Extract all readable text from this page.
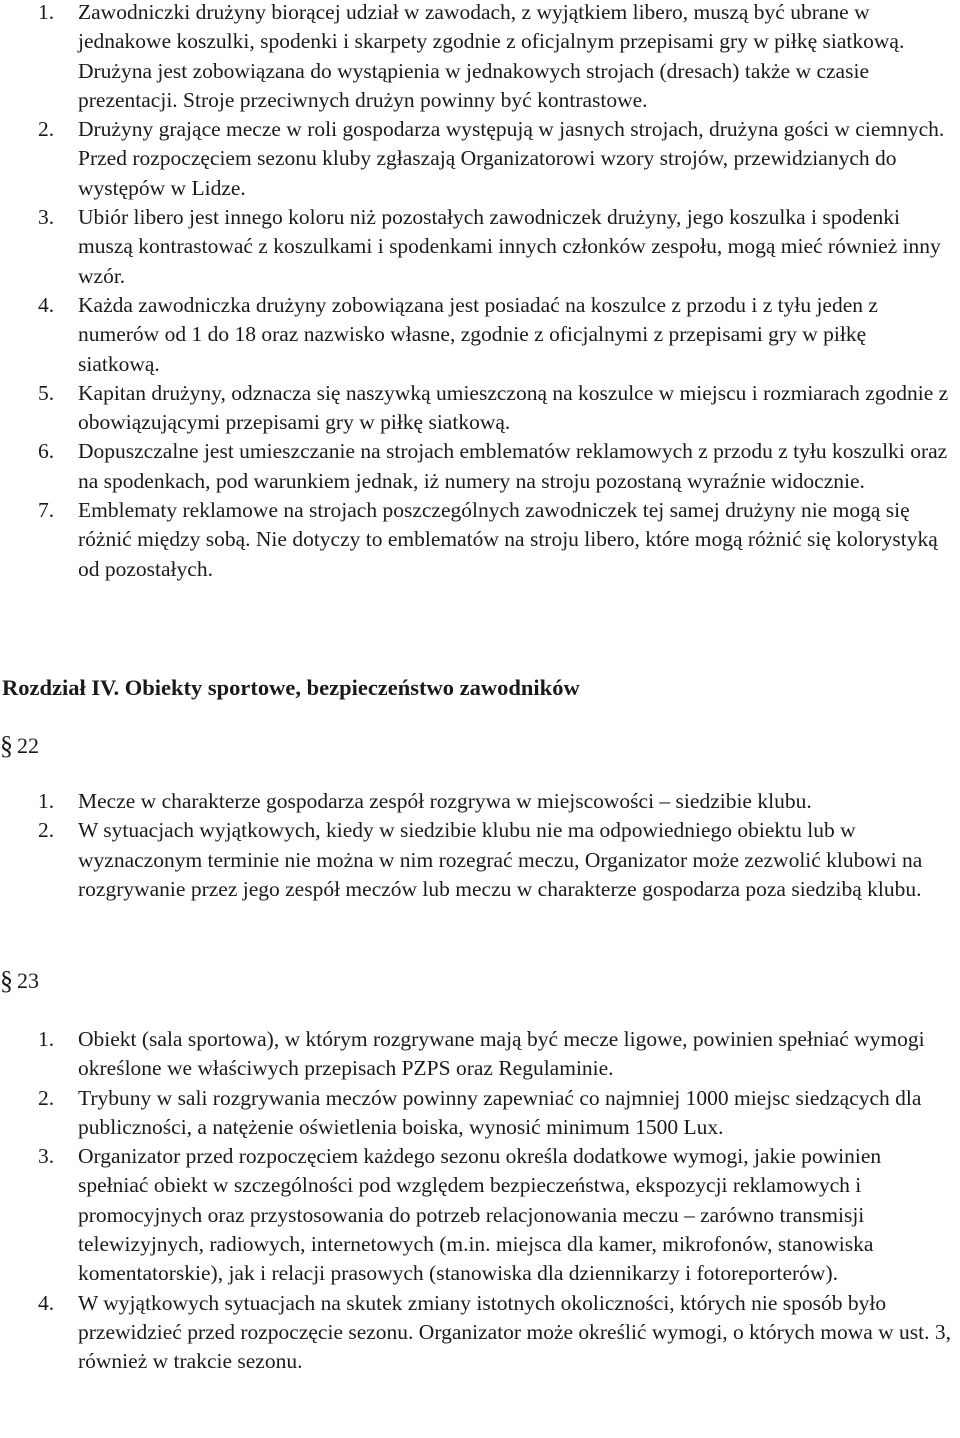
1. Zawodniczki drużyny biorącej udział w zawodach, z wyjątkiem libero, muszą być ubrane w jednakowe koszulki, spodenki i skarpety zgodnie z oficjalnym przepisami gry w piłkę siatkową. Drużyna jest zobowiązana do wystąpienia w jednakowych strojach (dresach) także w czasie prezentacji. Stroje przeciwnych drużyn powinny być kontrastowe.
2. Drużyny grające mecze w roli gospodarza występują w jasnych strojach, drużyna gości w ciemnych. Przed rozpoczęciem sezonu kluby zgłaszają Organizatorowi wzory strojów, przewidzianych do występów w Lidze.
3. Ubiór libero jest innego koloru niż pozostałych zawodniczek drużyny, jego koszulka i spodenki muszą kontrastować z koszulkami i spodenkami innych członków zespołu, mogą mieć również inny wzór.
4. Każda zawodniczka drużyny zobowiązana jest posiadać na koszulce z przodu i z tyłu jeden z numerów od 1 do 18 oraz nazwisko własne, zgodnie z oficjalnymi z przepisami gry w piłkę siatkową.
5. Kapitan drużyny, odznacza się naszywką umieszczoną na koszulce w miejscu i rozmiarach zgodnie z obowiązującymi przepisami gry w piłkę siatkową.
6. Dopuszczalne jest umieszczanie na strojach emblematów reklamowych z przodu z tyłu koszulki oraz na spodenkach, pod warunkiem jednak, iż numery na stroju pozostaną wyraźnie widocznie.
7. Emblematy reklamowe na strojach poszczególnych zawodniczek tej samej drużyny nie mogą się różnić między sobą. Nie dotyczy to emblematów na stroju libero, które mogą różnić się kolorystyką od pozostałych.
Rozdział IV. Obiekty sportowe, bezpieczeństwo zawodników
§ 22
1. Mecze w charakterze gospodarza zespół rozgrywa w miejscowości – siedzibie klubu.
2. W sytuacjach wyjątkowych, kiedy w siedzibie klubu nie ma odpowiedniego obiektu lub w wyznaczonym terminie nie można w nim rozegrać meczu, Organizator może zezwolić klubowi na rozgrywanie przez jego zespół meczów lub meczu w charakterze gospodarza poza siedzibą klubu.
§ 23
1. Obiekt (sala sportowa), w którym rozgrywane mają być mecze ligowe, powinien spełniać wymogi określone we właściwych przepisach PZPS oraz Regulaminie.
2. Trybuny w sali rozgrywania meczów powinny zapewniać co najmniej 1000 miejsc siedzących dla publiczności, a natężenie oświetlenia boiska, wynosić minimum 1500 Lux.
3. Organizator przed rozpoczęciem każdego sezonu określa dodatkowe wymogi, jakie powinien spełniać obiekt w szczególności pod względem bezpieczeństwa, ekspozycji reklamowych i promocyjnych oraz przystosowania do potrzeb relacjonowania meczu – zarówno transmisji telewizyjnych, radiowych, internetowych (m.in. miejsca dla kamer, mikrofonów, stanowiska komentatorskie), jak i relacji prasowych (stanowiska dla dziennikarzy i fotoreporterów).
4. W wyjątkowych sytuacjach na skutek zmiany istotnych okoliczności, których nie sposób było przewidzieć przed rozpoczęcie sezonu. Organizator może określić wymogi, o których mowa w ust. 3, również w trakcie sezonu.
